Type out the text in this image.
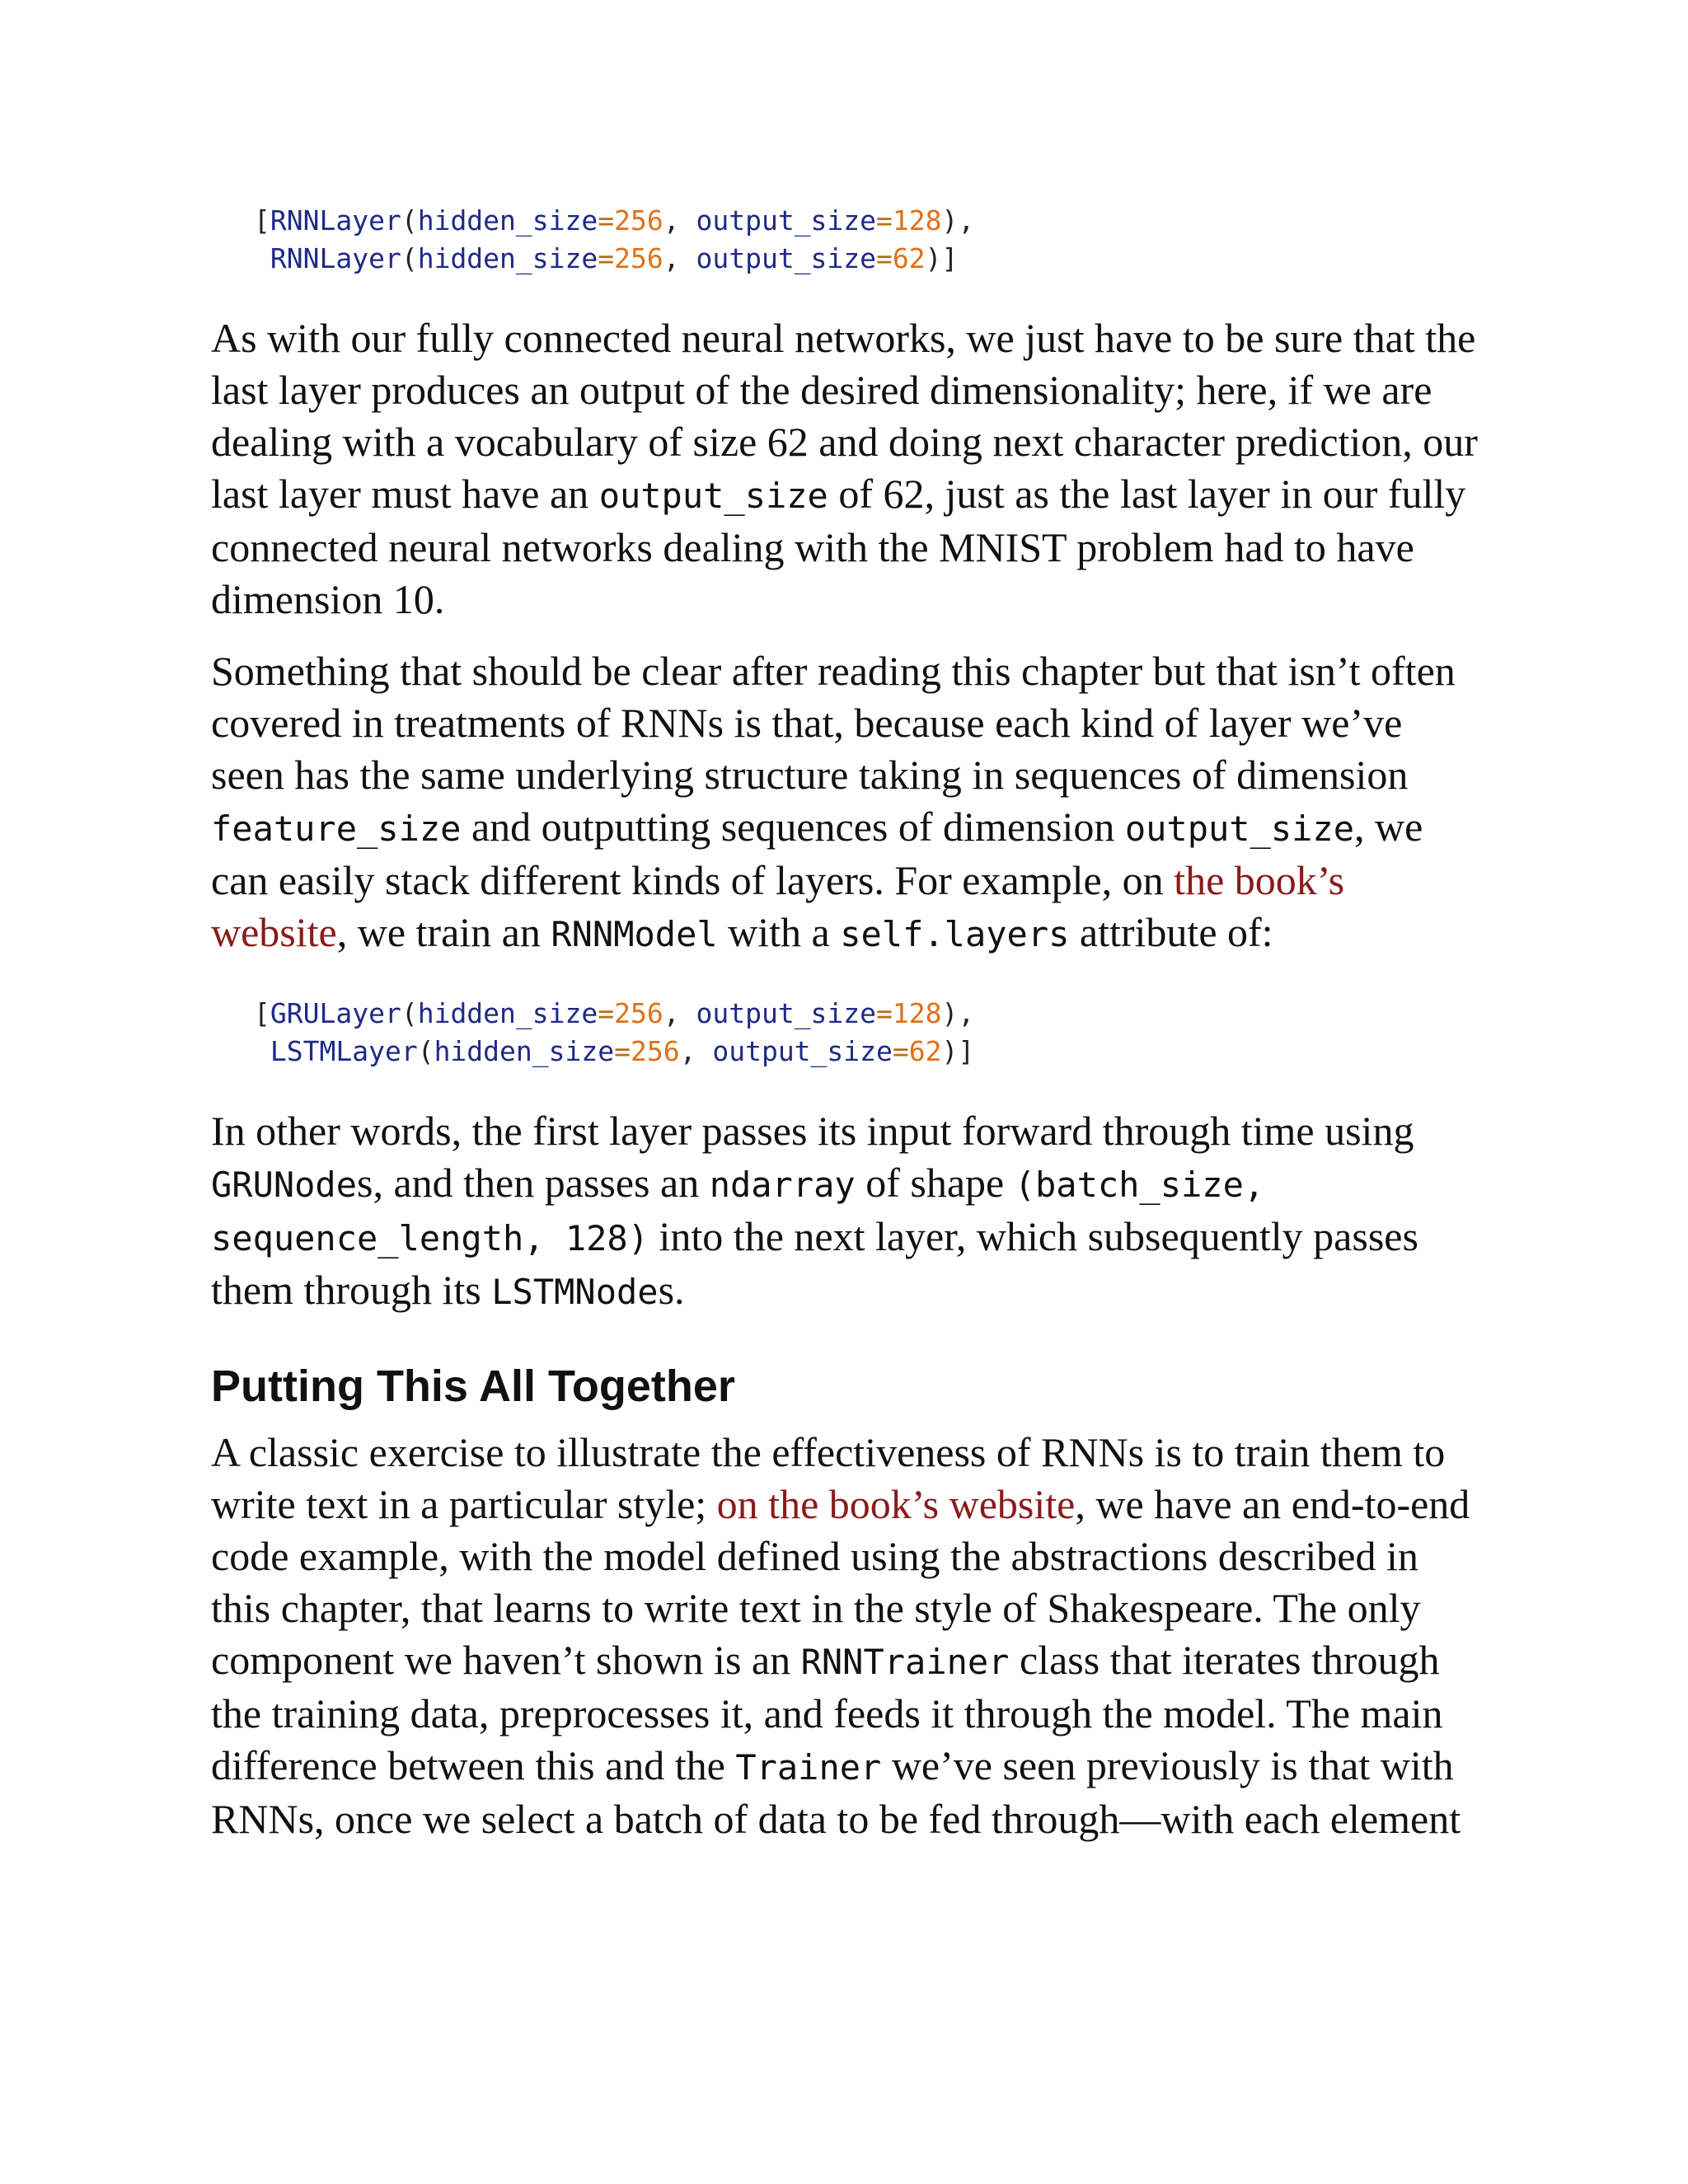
[RNNLayer(hidden_size=256, output_size=128),
RNNLayer(hidden_size=256, output_size=62)]

As with our fully connected neural networks, we just have to be sure that the last layer produces an output of the desired dimensionality; here, if we are dealing with a vocabulary of size 62 and doing next character prediction, our last layer must have an output_size of 62, just as the last layer in our fully connected neural networks dealing with the MNIST problem had to have dimension 10.

Something that should be clear after reading this chapter but that isn’t often covered in treatments of RNNs is that, because each kind of layer we’ve seen has the same underlying structure taking in sequences of dimension feature_size and outputting sequences of dimension output_size, we can easily stack different kinds of layers. For example, on the book’s website, we train an RNNModel with a self.layers attribute of:

[GRULayer(hidden_size=256, output_size=128),
LSTMLayer(hidden_size=256, output_size=62)]

In other words, the first layer passes its input forward through time using GRUNodes, and then passes an ndarray of shape (batch_size, sequence_length, 128) into the next layer, which subsequently passes them through its LSTMNodes.

Putting This All Together

A classic exercise to illustrate the effectiveness of RNNs is to train them to write text in a particular style; on the book’s website, we have an end-to-end code example, with the model defined using the abstractions described in this chapter, that learns to write text in the style of Shakespeare. The only component we haven’t shown is an RNNTrainer class that iterates through the training data, preprocesses it, and feeds it through the model. The main difference between this and the Trainer we’ve seen previously is that with RNNs, once we select a batch of data to be fed through—with each element
